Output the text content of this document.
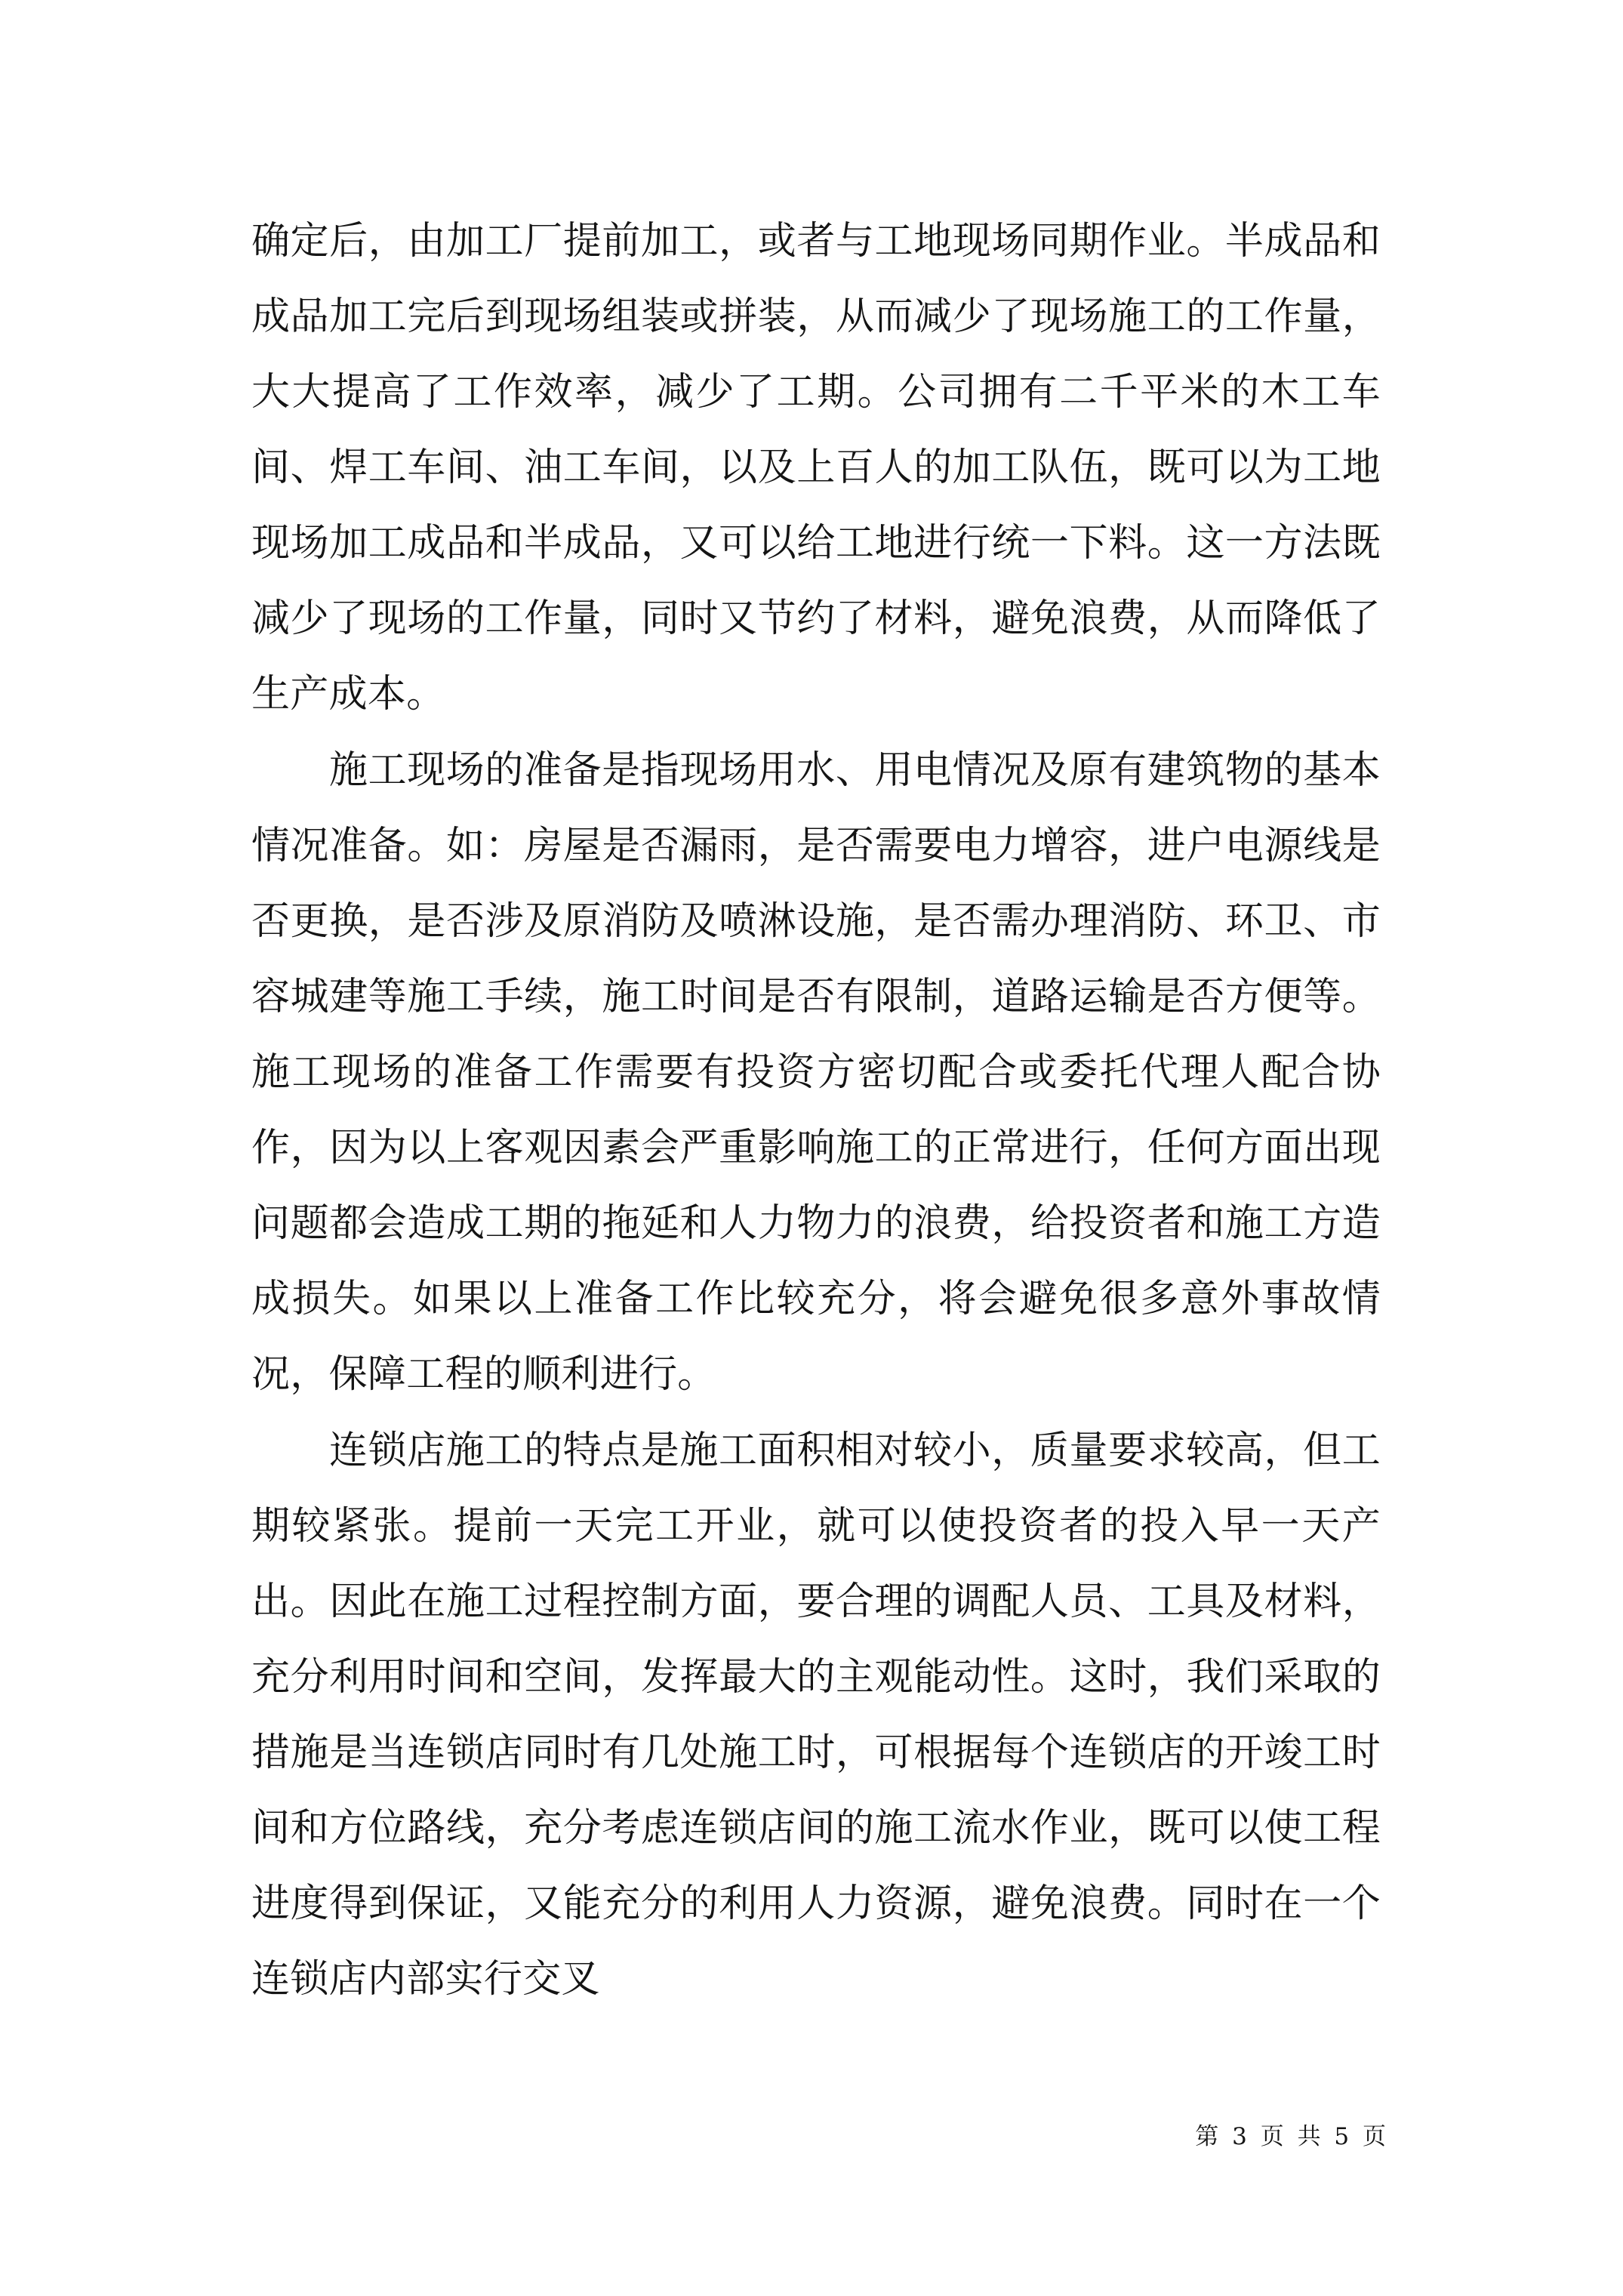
确定后，由加工厂提前加工，或者与工地现场同期作业。半成品和成品加工完后到现场组装或拼装，从而减少了现场施工的工作量，大大提高了工作效率，减少了工期。公司拥有二千平米的木工车间、焊工车间、油工车间，以及上百人的加工队伍，既可以为工地现场加工成品和半成品，又可以给工地进行统一下料。这一方法既减少了现场的工作量，同时又节约了材料，避免浪费，从而降低了生产成本。

施工现场的准备是指现场用水、用电情况及原有建筑物的基本情况准备。如：房屋是否漏雨，是否需要电力增容，进户电源线是否更换，是否涉及原消防及喷淋设施，是否需办理消防、环卫、市容城建等施工手续，施工时间是否有限制，道路运输是否方便等。施工现场的准备工作需要有投资方密切配合或委托代理人配合协作，因为以上客观因素会严重影响施工的正常进行，任何方面出现问题都会造成工期的拖延和人力物力的浪费，给投资者和施工方造成损失。如果以上准备工作比较充分，将会避免很多意外事故情况，保障工程的顺利进行。

连锁店施工的特点是施工面积相对较小，质量要求较高，但工期较紧张。提前一天完工开业，就可以使投资者的投入早一天产出。因此在施工过程控制方面，要合理的调配人员、工具及材料，充分利用时间和空间，发挥最大的主观能动性。这时，我们采取的措施是当连锁店同时有几处施工时，可根据每个连锁店的开竣工时间和方位路线，充分考虑连锁店间的施工流水作业，既可以使工程进度得到保证，又能充分的利用人力资源，避免浪费。同时在一个连锁店内部实行交叉

第 3 页 共 5 页
